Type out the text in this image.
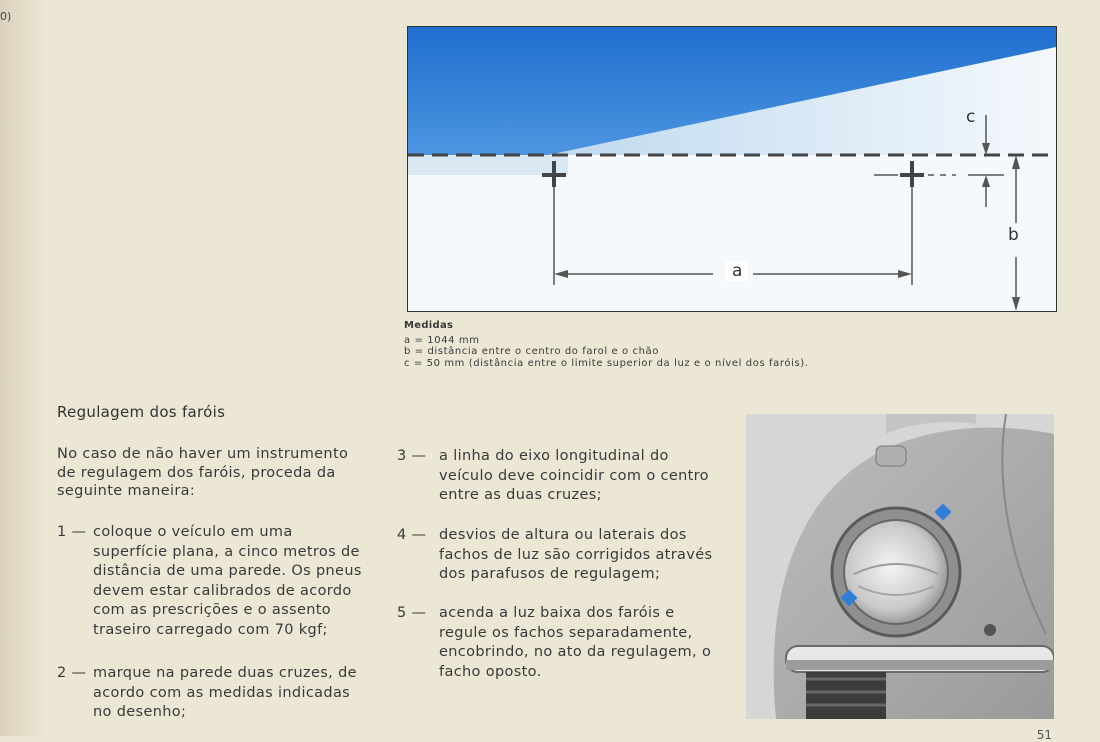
0)
a
b
c
Medidas
a = 1044 mm
b = distância entre o centro do farol e o chão
c = 50 mm (distância entre o limite superior da luz e o nível dos faróis).
Regulagem dos faróis
No caso de não haver um instrumento de regulagem dos faróis, proceda da seguinte maneira:
1 — coloque o veículo em uma superfície plana, a cinco metros de distância de uma parede. Os pneus devem estar calibrados de acordo com as prescrições e o assento traseiro carregado com 70 kgf;
2 — marque na parede duas cruzes, de acordo com as medidas indicadas no desenho;
3 — a linha do eixo longitudinal do veículo deve coincidir com o centro entre as duas cruzes;
4 — desvios de altura ou laterais dos fachos de luz são corrigidos através dos parafusos de regulagem;
5 — acenda a luz baixa dos faróis e regule os fachos separadamente, encobrindo, no ato da regulagem, o facho oposto.
51
